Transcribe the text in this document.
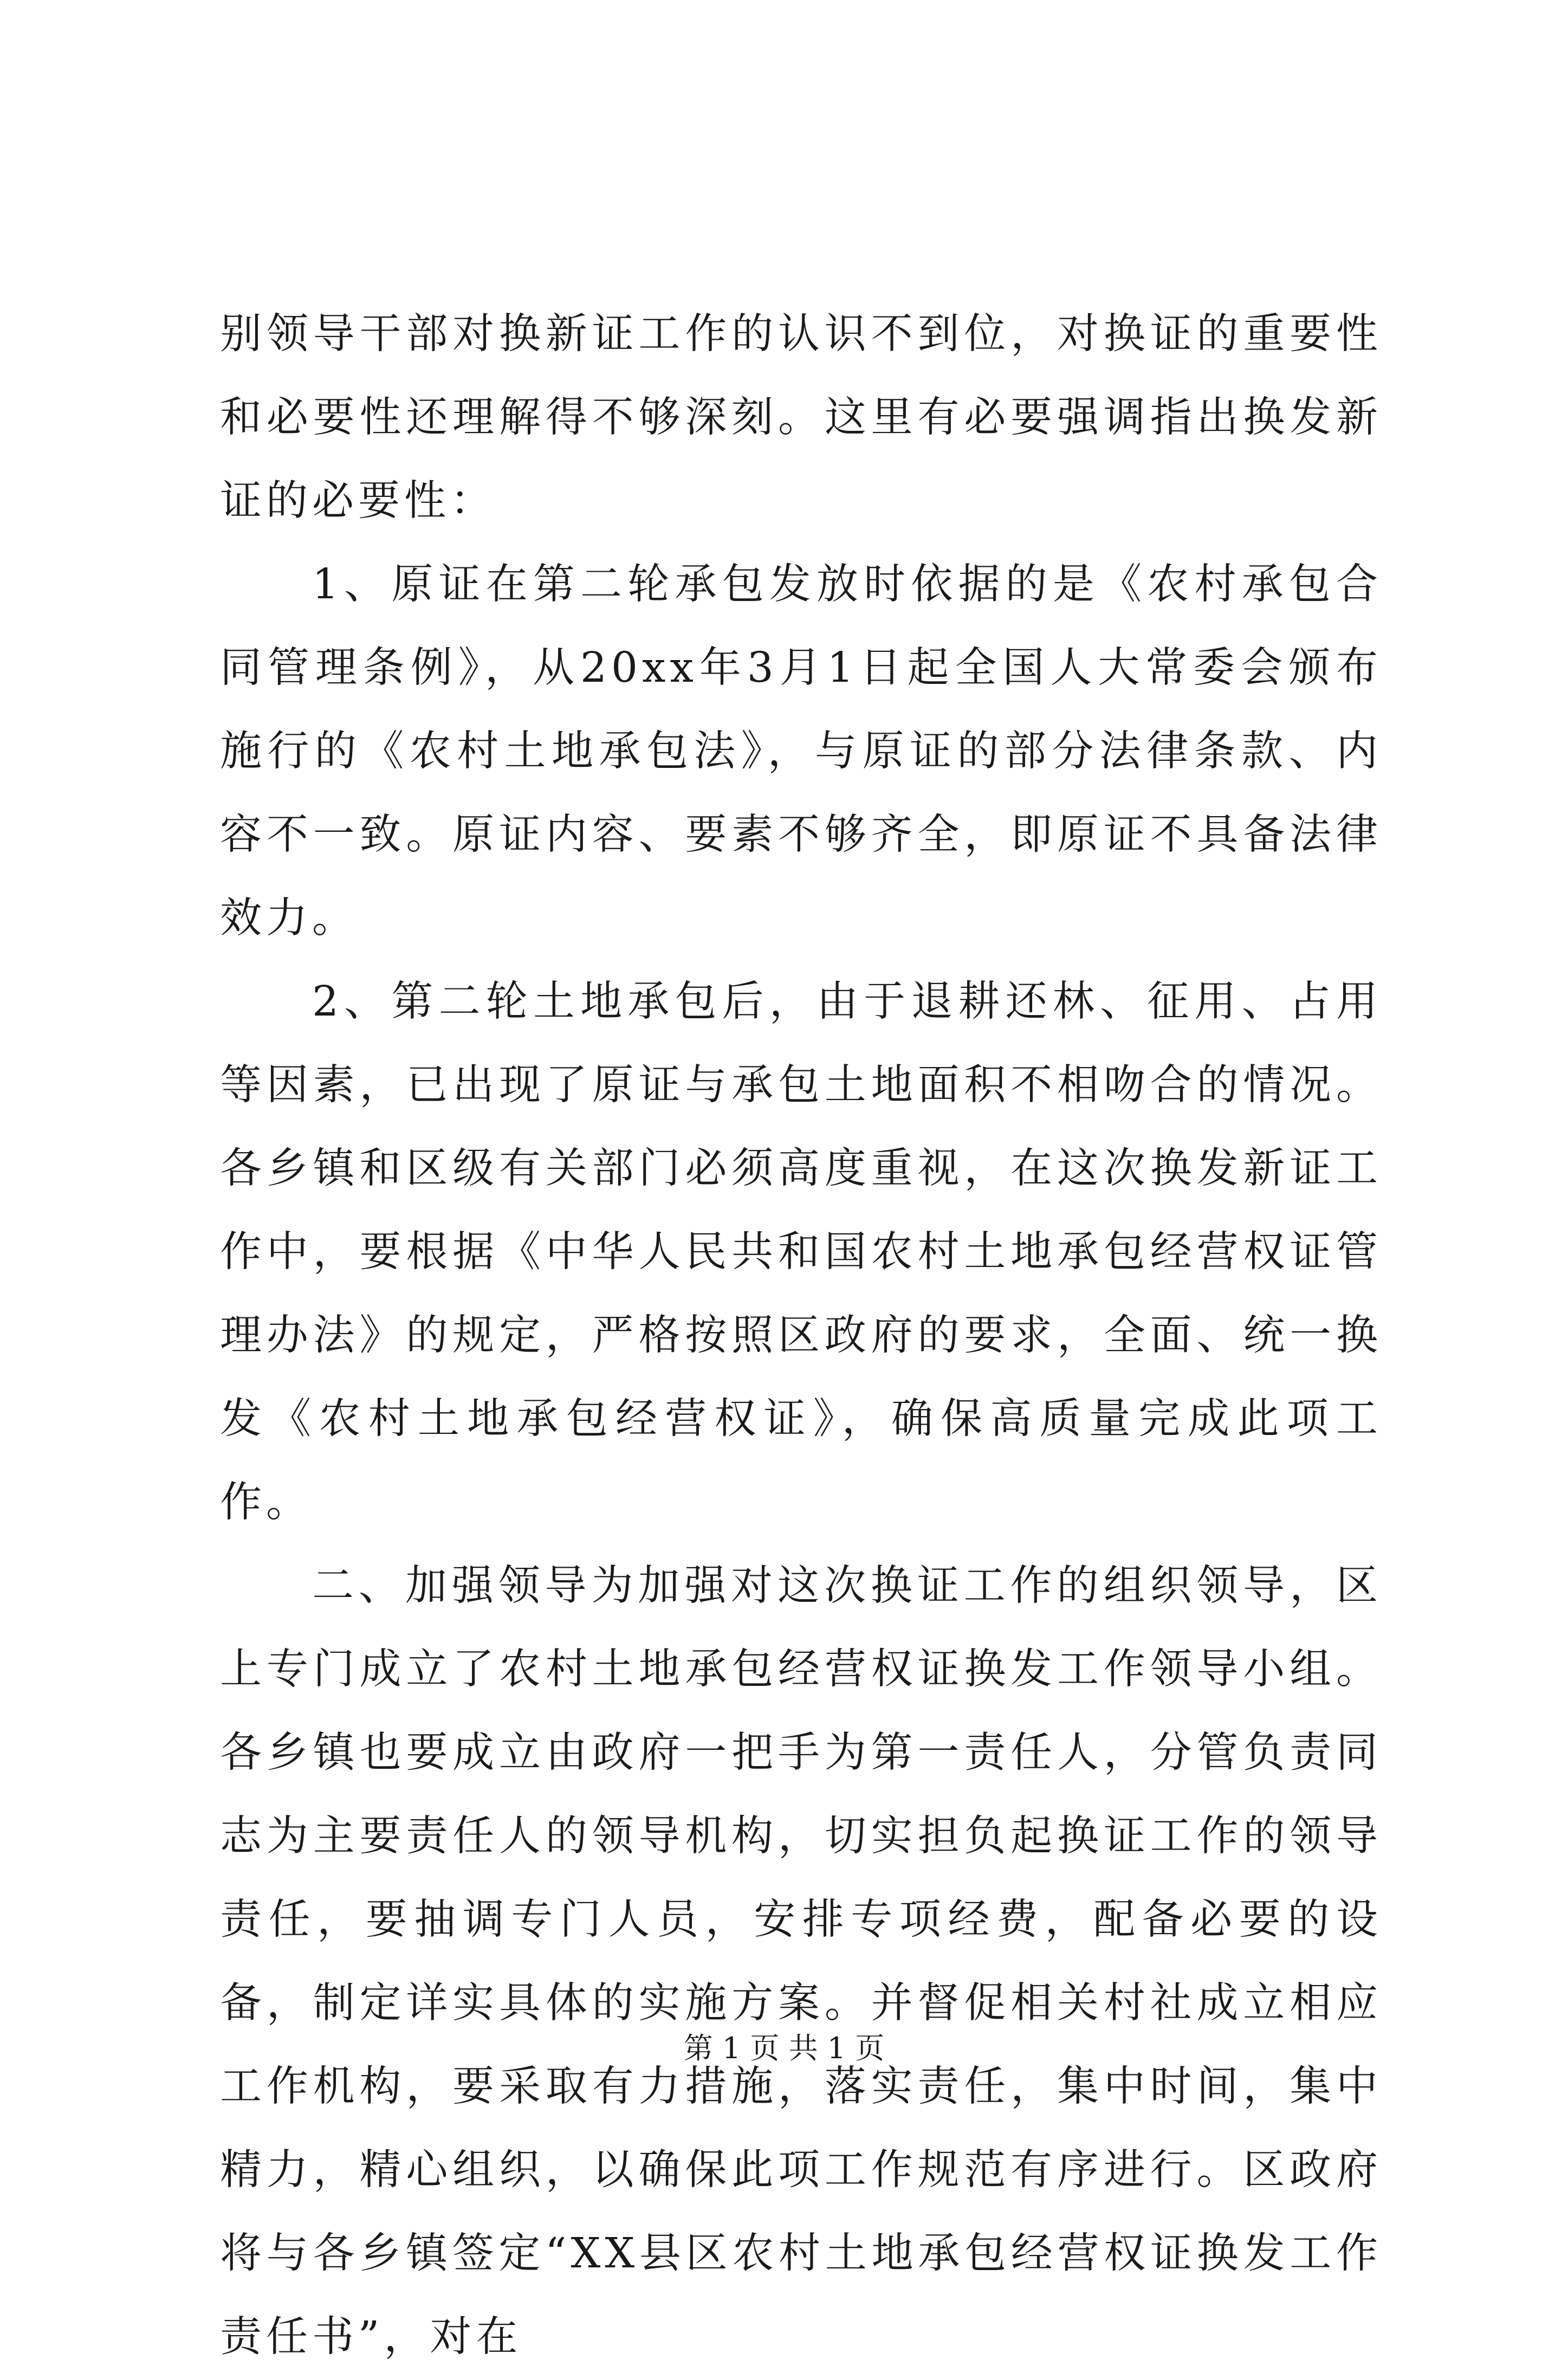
别领导干部对换新证工作的认识不到位，对换证的重要性和必要性还理解得不够深刻。这里有必要强调指出换发新证的必要性：

1、原证在第二轮承包发放时依据的是《农村承包合同管理条例》，从20xx年3月1日起全国人大常委会颁布施行的《农村土地承包法》，与原证的部分法律条款、内容不一致。原证内容、要素不够齐全，即原证不具备法律效力。

2、第二轮土地承包后，由于退耕还林、征用、占用等因素，已出现了原证与承包土地面积不相吻合的情况。各乡镇和区级有关部门必须高度重视，在这次换发新证工作中，要根据《中华人民共和国农村土地承包经营权证管理办法》的规定，严格按照区政府的要求，全面、统一换发《农村土地承包经营权证》，确保高质量完成此项工作。

二、加强领导为加强对这次换证工作的组织领导，区上专门成立了农村土地承包经营权证换发工作领导小组。各乡镇也要成立由政府一把手为第一责任人，分管负责同志为主要责任人的领导机构，切实担负起换证工作的领导责任，要抽调专门人员，安排专项经费，配备必要的设备，制定详实具体的实施方案。并督促相关村社成立相应工作机构，要采取有力措施，落实责任，集中时间，集中精力，精心组织，以确保此项工作规范有序进行。区政府将与各乡镇签定“XX县区农村土地承包经营权证换发工作责任书”，对在

第 1 页 共 1 页
